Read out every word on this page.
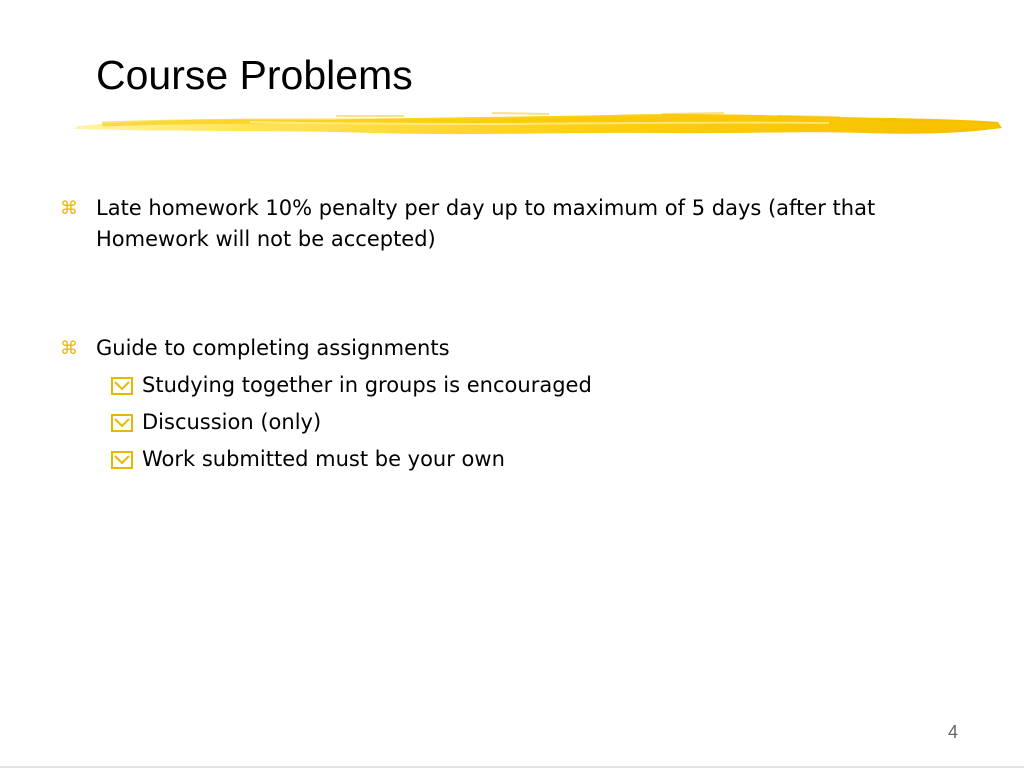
Course Problems
⌘ Late homework 10% penalty per day up to maximum of 5 days (after that Homework will not be accepted)
⌘ Guide to completing assignments
Studying together in groups is encouraged
Discussion (only)
Work submitted must be your own
4
